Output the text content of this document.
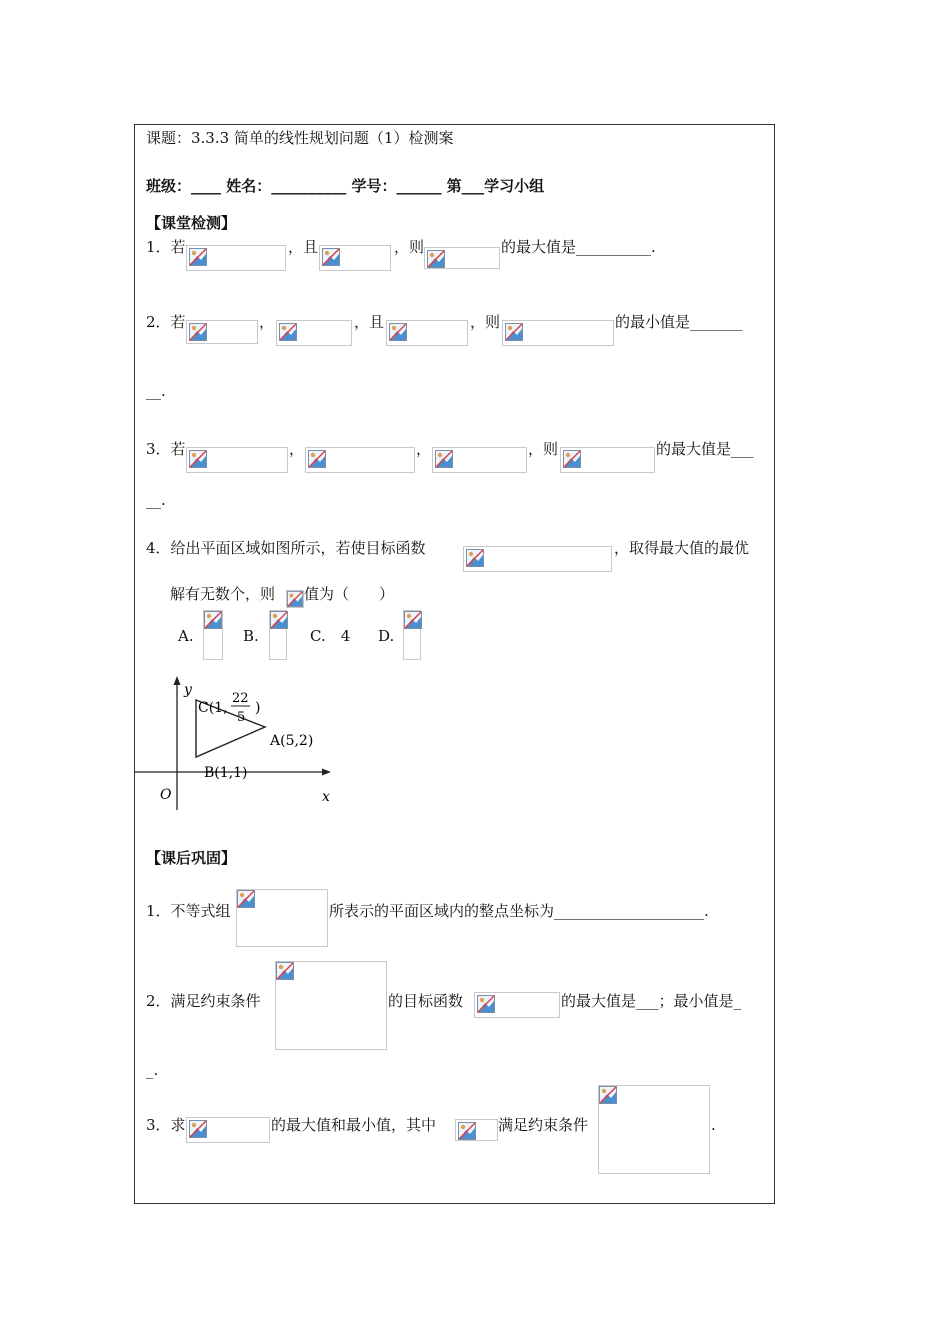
课题：3.3.3 简单的线性规划问题（1）检测案
班级：____ 姓名：__________ 学号：______ 第___学习小组
【课堂检测】
1．若	，且	，则	的最大值是__________.
2．若	，	，且	，则	的最小值是_______
__.
3．若	，	，	，则	的最大值是___
__.
4．给出平面区域如图所示，若使目标函数	，取得最大值的最优
解有无数个，则 值为（　　）
A.	B.	C.　4 D.
y
x
O
C(1,
22
5
)
A(5,2)
B(1,1)
【课后巩固】
1．不等式组	所表示的平面区域内的整点坐标为____________________.
2．满足约束条件	的目标函数	的最大值是___；最小值是_
_.
3．求	的最大值和最小值，其中	满足约束条件	.
